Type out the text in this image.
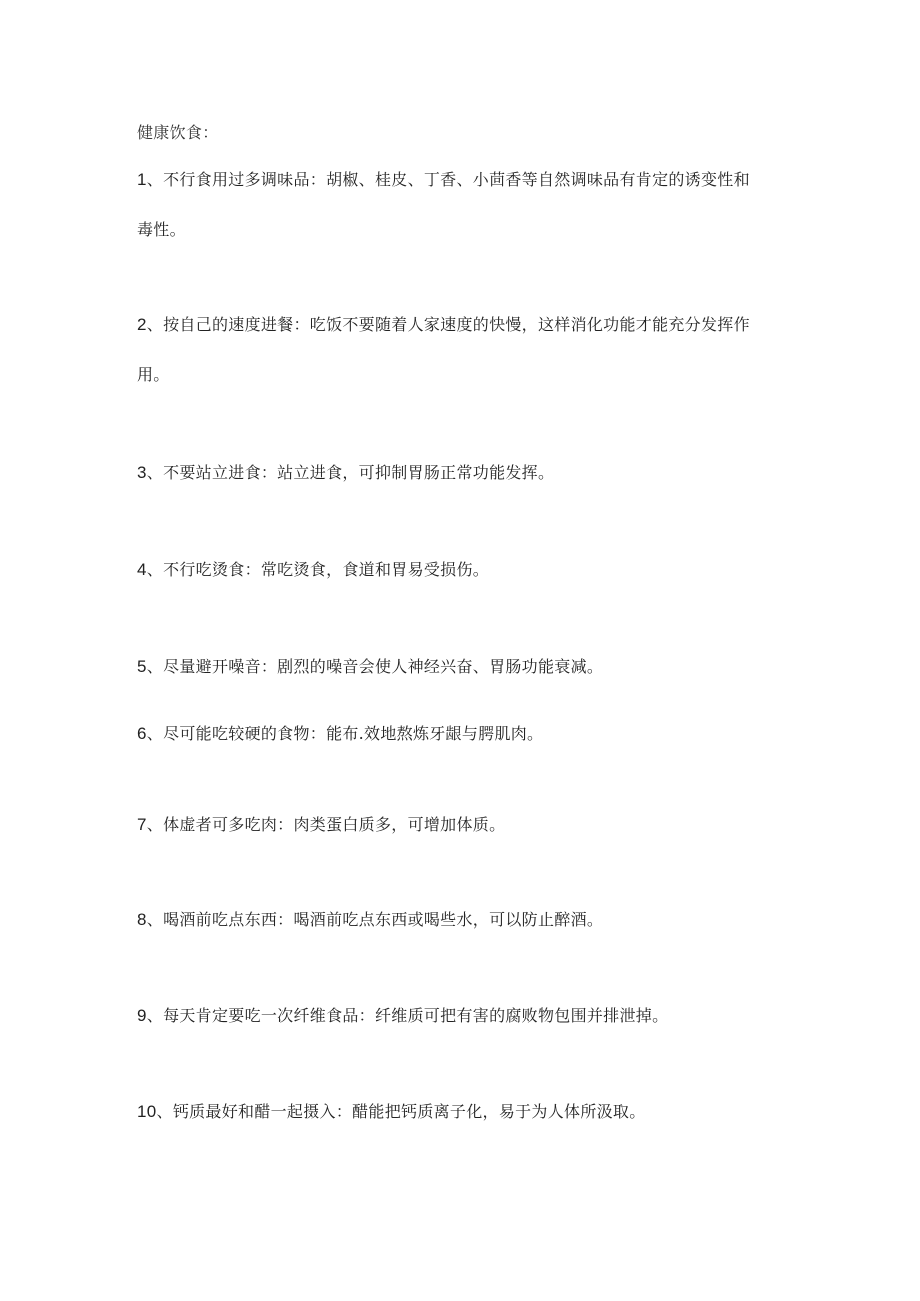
健康饮食：
1、不行食用过多调味品：胡椒、桂皮、丁香、小茴香等自然调味品有肯定的诱变性和
毒性。
2、按自己的速度进餐：吃饭不要随着人家速度的快慢，这样消化功能才能充分发挥作
用。
3、不要站立进食：站立进食，可抑制胃肠正常功能发挥。
4、不行吃烫食：常吃烫食，食道和胃易受损伤。
5、尽量避开噪音：剧烈的噪音会使人神经兴奋、胃肠功能衰减。
6、尽可能吃较硬的食物：能布.效地熬炼牙龈与腭肌肉。
7、体虚者可多吃肉：肉类蛋白质多，可增加体质。
8、喝酒前吃点东西：喝酒前吃点东西或喝些水，可以防止醉酒。
9、每天肯定要吃一次纤维食品：纤维质可把有害的腐败物包围并排泄掉。
10、钙质最好和醋一起摄入：醋能把钙质离子化，易于为人体所汲取。
